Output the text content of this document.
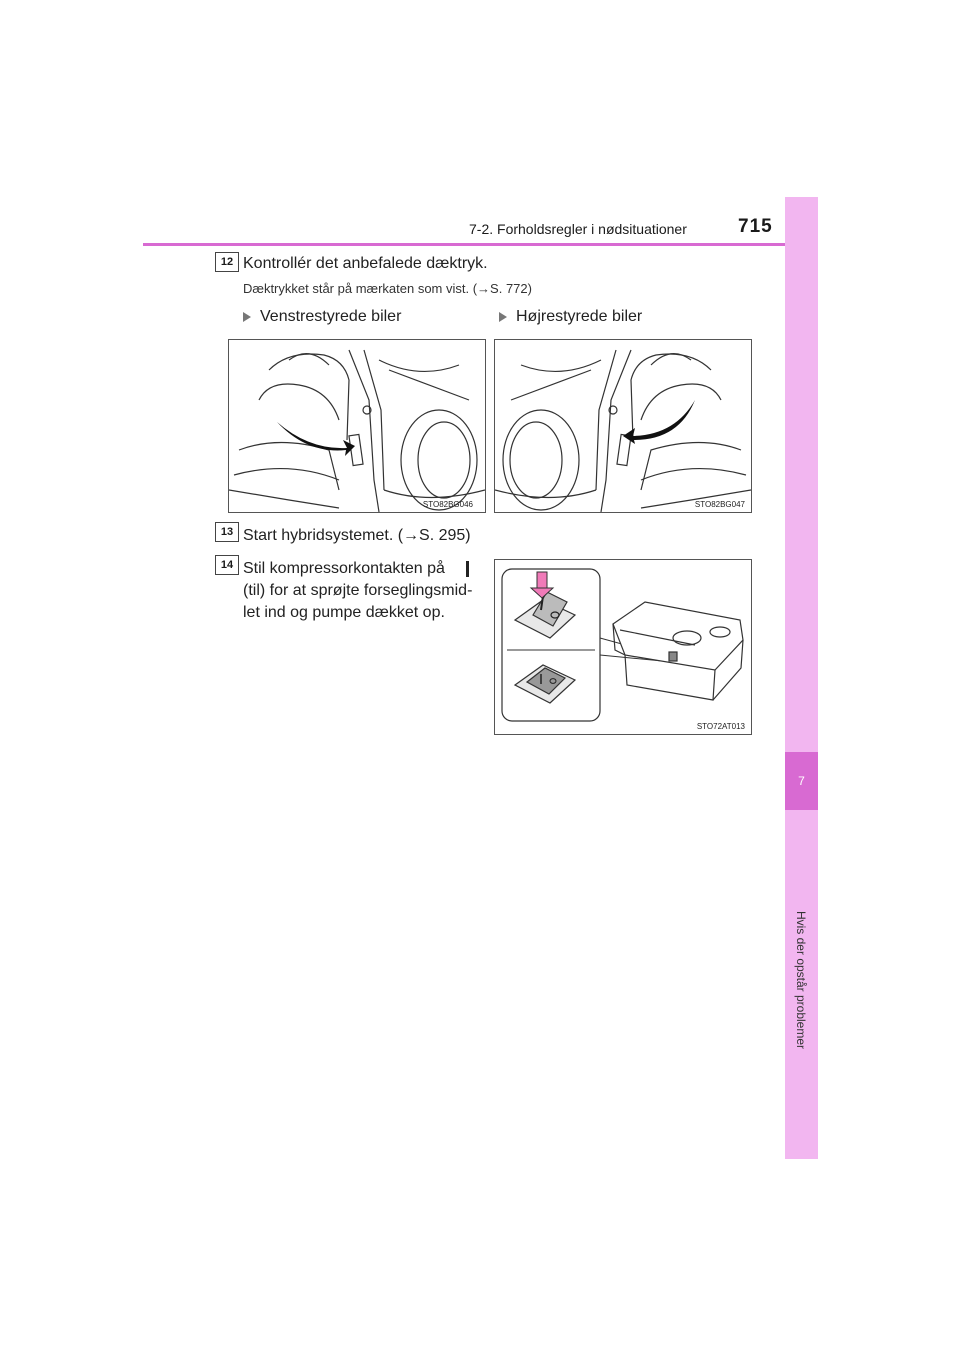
7-2. Forholdsregler i nødsituationer	715
7
Hvis der opstår problemer
12 Kontrollér det anbefalede dæktryk.
Dæktrykket står på mærkaten som vist. (→S. 772)
Venstrestyrede biler	Højrestyrede biler
STO82BG046	STO82BG047
13 Start hybridsystemet. (→S. 295)
14 Stil kompressorkontakten på
(til) for at sprøjte forseglingsmid-
let ind og pumpe dækket op.
STO72AT013
